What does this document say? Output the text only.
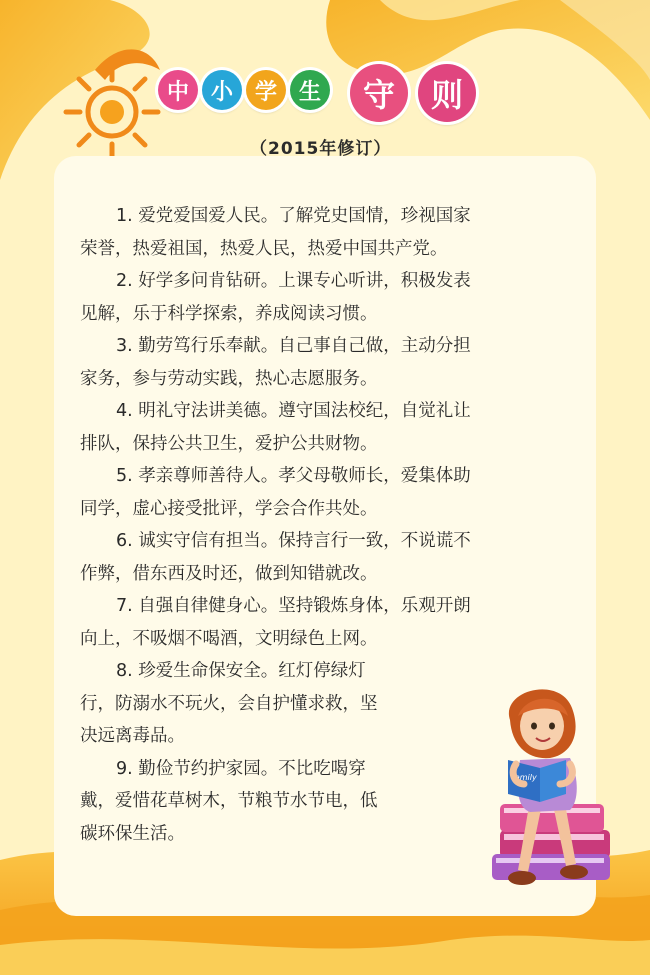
中 小 学 生	守	则
（2015年修订）

1. 爱党爱国爱人民。了解党史国情，珍视国家
荣誉，热爱祖国，热爱人民，热爱中国共产党。

2. 好学多问肯钻研。上课专心听讲，积极发表
见解，乐于科学探索，养成阅读习惯。

3. 勤劳笃行乐奉献。自己事自己做，主动分担
家务，参与劳动实践，热心志愿服务。

4. 明礼守法讲美德。遵守国法校纪，自觉礼让
排队，保持公共卫生，爱护公共财物。

5. 孝亲尊师善待人。孝父母敬师长，爱集体助
同学，虚心接受批评，学会合作共处。

6. 诚实守信有担当。保持言行一致，不说谎不
作弊，借东西及时还，做到知错就改。

7. 自强自律健身心。坚持锻炼身体，乐观开朗
向上，不吸烟不喝酒，文明绿色上网。

8. 珍爱生命保安全。红灯停绿灯
行，防溺水不玩火，会自护懂求救，坚
决远离毒品。

9. 勤俭节约护家园。不比吃喝穿
戴，爱惜花草树木，节粮节水节电，低
碳环保生活。

family
